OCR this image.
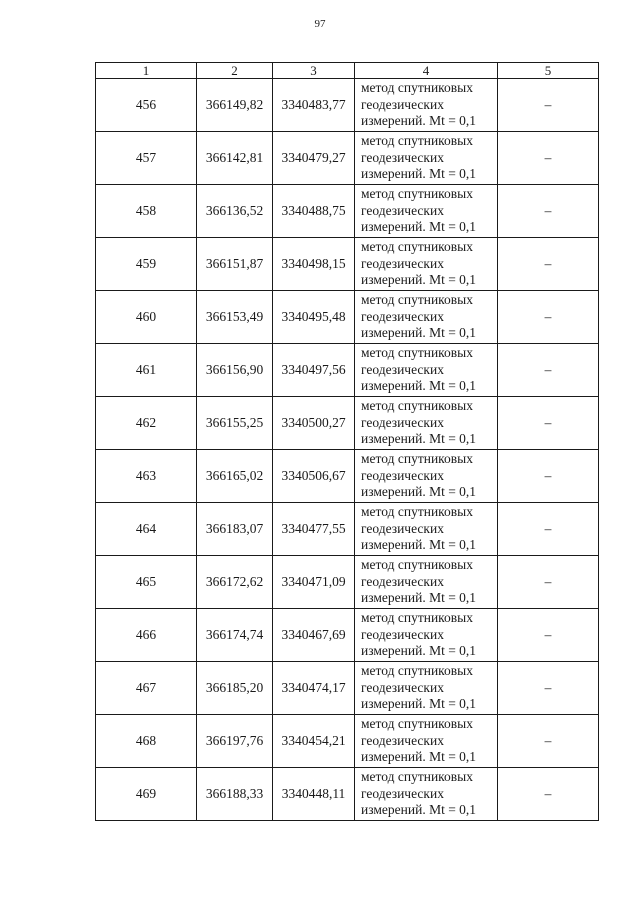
97
1	2	3	4	5
456	366149,82	3340483,77	метод спутниковых
геодезических
измерений. Mt = 0,1	–
457	366142,81	3340479,27	метод спутниковых
геодезических
измерений. Mt = 0,1	–
458	366136,52	3340488,75	метод спутниковых
геодезических
измерений. Mt = 0,1	–
459	366151,87	3340498,15	метод спутниковых
геодезических
измерений. Mt = 0,1	–
460	366153,49	3340495,48	метод спутниковых
геодезических
измерений. Mt = 0,1	–
461	366156,90	3340497,56	метод спутниковых
геодезических
измерений. Mt = 0,1	–
462	366155,25	3340500,27	метод спутниковых
геодезических
измерений. Mt = 0,1	–
463	366165,02	3340506,67	метод спутниковых
геодезических
измерений. Mt = 0,1	–
464	366183,07	3340477,55	метод спутниковых
геодезических
измерений. Mt = 0,1	–
465	366172,62	3340471,09	метод спутниковых
геодезических
измерений. Mt = 0,1	–
466	366174,74	3340467,69	метод спутниковых
геодезических
измерений. Mt = 0,1	–
467	366185,20	3340474,17	метод спутниковых
геодезических
измерений. Mt = 0,1	–
468	366197,76	3340454,21	метод спутниковых
геодезических
измерений. Mt = 0,1	–
469	366188,33	3340448,11	метод спутниковых
геодезических
измерений. Mt = 0,1	–
